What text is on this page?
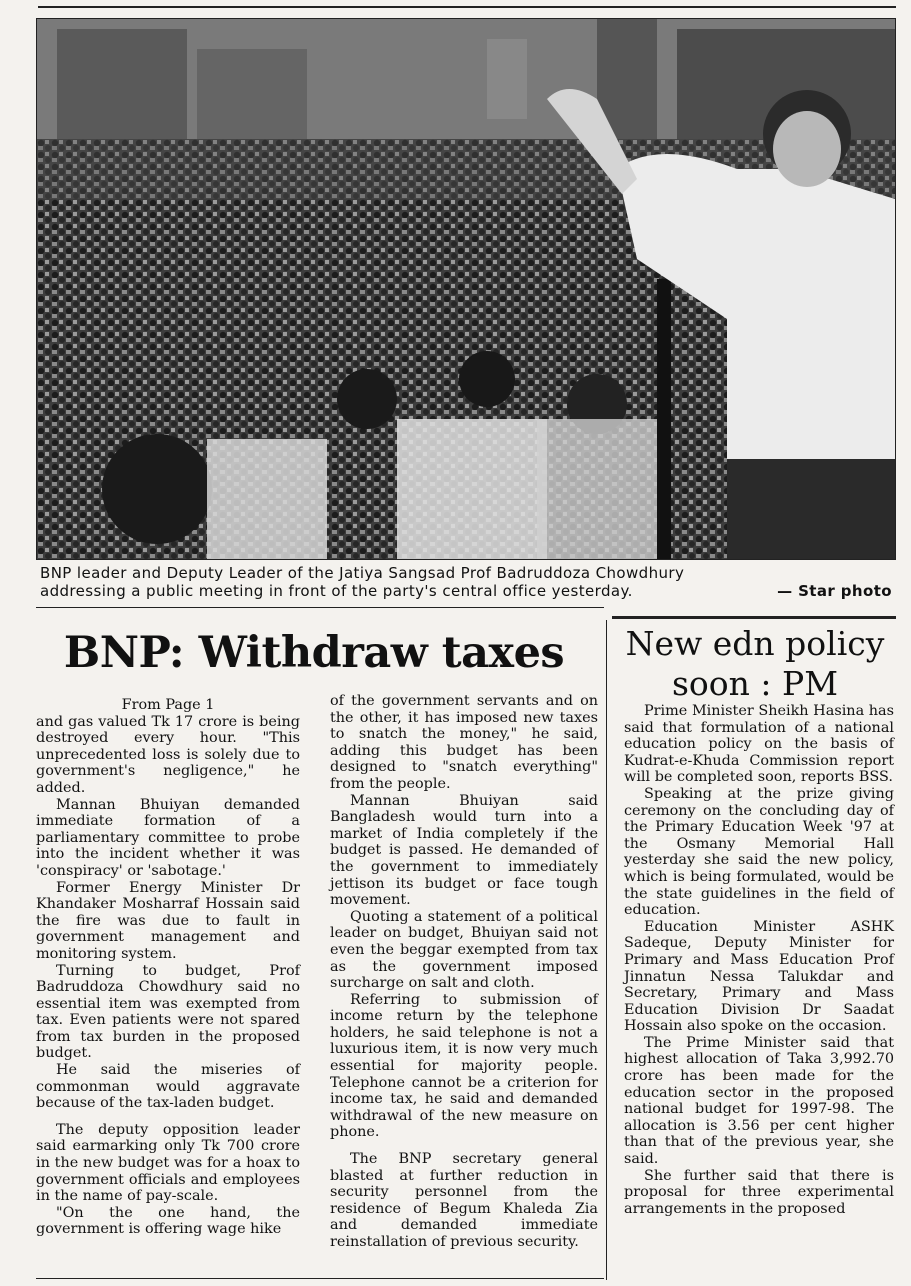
BNP leader and Deputy Leader of the Jatiya Sangsad Prof Badruddoza Chowdhury
addressing a public meeting in front of the party's central office yesterday.	— Star photo
BNP: Withdraw taxes

From Page 1

and gas valued Tk 17 crore is being destroyed every hour. "This unprecedented loss is solely due to government's negligence," he added.

Mannan Bhuiyan demanded immediate formation of a parliamentary committee to probe into the incident whether it was 'conspiracy' or 'sabotage.'

Former Energy Minister Dr Khandaker Mosharraf Hossain said the fire was due to fault in government management and monitoring system.

Turning to budget, Prof Badruddoza Chowdhury said no essential item was exempted from tax. Even patients were not spared from tax burden in the proposed budget.

He said the miseries of commonman would aggravate because of the tax-laden budget.

The deputy opposition leader said earmarking only Tk 700 crore in the new budget was for a hoax to government officials and employees in the name of pay-scale.

"On the one hand, the government is offering wage hike

of the government servants and on the other, it has imposed new taxes to snatch the money," he said, adding this budget has been designed to "snatch everything" from the people.

Mannan Bhuiyan said Bangladesh would turn into a market of India completely if the budget is passed. He demanded of the government to immediately jettison its budget or face tough movement.

Quoting a statement of a political leader on budget, Bhuiyan said not even the beggar exempted from tax as the government imposed surcharge on salt and cloth.

Referring to submission of income return by the telephone holders, he said telephone is not a luxurious item, it is now very much essential for majority people. Telephone cannot be a criterion for income tax, he said and demanded withdrawal of the new measure on phone.

The BNP secretary general blasted at further reduction in security personnel from the residence of Begum Khaleda Zia and demanded immediate reinstallation of previous security.

New edn policy
soon : PM

Prime Minister Sheikh Hasina has said that formulation of a national education policy on the basis of Kudrat-e-Khuda Commission report will be completed soon, reports BSS.

Speaking at the prize giving ceremony on the concluding day of the Primary Education Week '97 at the Osmany Memorial Hall yesterday she said the new policy, which is being formulated, would be the state guidelines in the field of education.

Education Minister ASHK Sadeque, Deputy Minister for Primary and Mass Education Prof Jinnatun Nessa Talukdar and Secretary, Primary and Mass Education Division Dr Saadat Hossain also spoke on the occasion.

The Prime Minister said that highest allocation of Taka 3,992.70 crore has been made for the education sector in the proposed national budget for 1997-98. The allocation is 3.56 per cent higher than that of the previous year, she said.

She further said that there is proposal for three experimental arrangements in the proposed
